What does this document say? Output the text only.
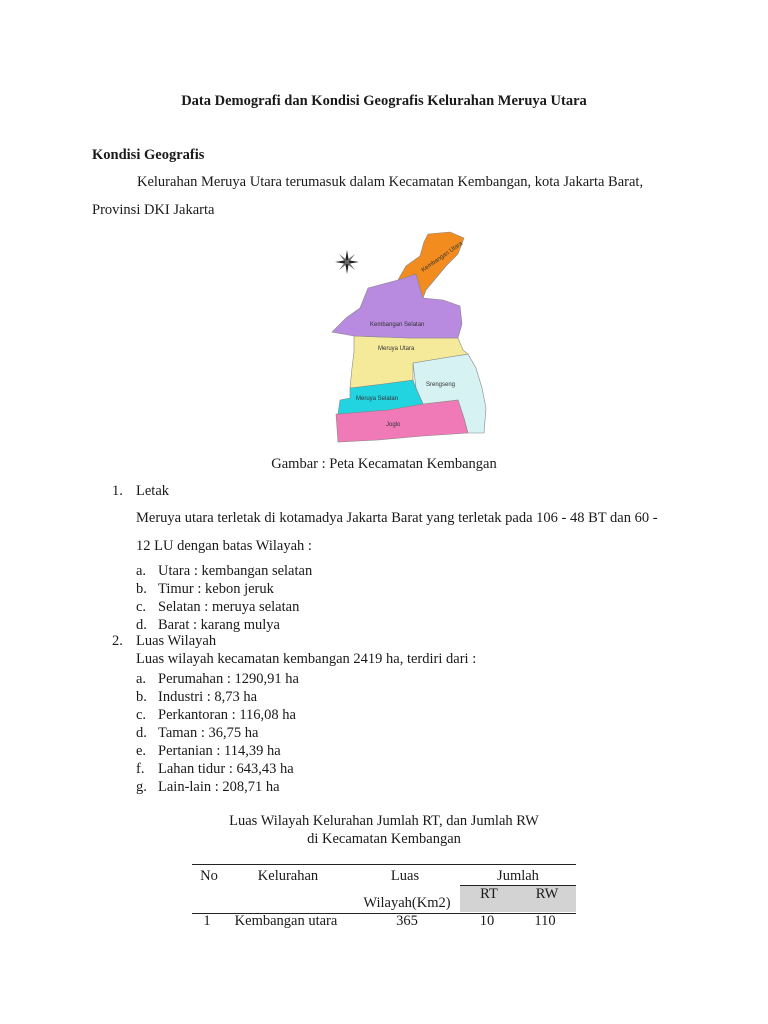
Data Demografi dan Kondisi Geografis Kelurahan Meruya Utara
Kondisi Geografis
Kelurahan Meruya Utara terumasuk dalam Kecamatan Kembangan, kota Jakarta Barat,
Provinsi DKI Jakarta
Kembangan Utara
Kembangan Selatan
Meruya Utara
Srengseng
Meruya Selatan
Joglo
Gambar : Peta Kecamatan Kembangan
1. Letak
Meruya utara terletak di kotamadya Jakarta Barat yang terletak pada 106 - 48 BT dan 60 -
12 LU dengan batas Wilayah :
a. Utara : kembangan selatan
b. Timur : kebon jeruk
c. Selatan : meruya selatan
d. Barat : karang mulya
2. Luas Wilayah
Luas wilayah kecamatan kembangan 2419 ha, terdiri dari :
a. Perumahan : 1290,91 ha
b. Industri : 8,73 ha
c. Perkantoran : 116,08 ha
d. Taman : 36,75 ha
e. Pertanian : 114,39 ha
f. Lahan tidur : 643,43 ha
g. Lain-lain : 208,71 ha
Luas Wilayah Kelurahan Jumlah RT, dan Jumlah RW
di Kecamatan Kembangan
No	Kelurahan	Luas
Wilayah(Km2)
Jumlah
RT	RW
1	Kembangan utara	365	10	110
